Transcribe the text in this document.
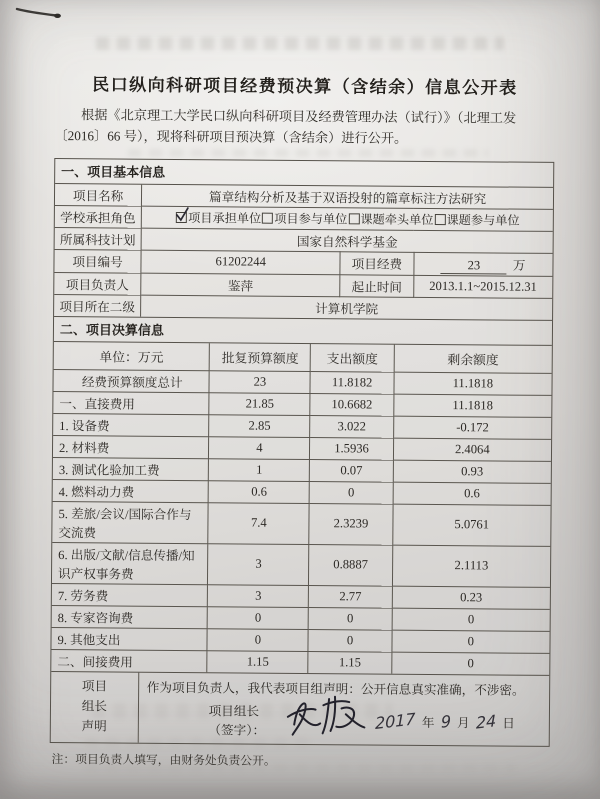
民口纵向科研项目经费预决算（含结余）信息公开表

根据《北京理工大学民口纵向科研项目及经费管理办法（试行）》（北理工发
〔2016〕66 号），现将科研项目预决算（含结余）进行公开。

一、项目基本信息
项目名称	篇章结构分析及基于双语投射的篇章标注方法研究		
学校承担角色	项目承担单位 项目参与单位 课题牵头单位 课题参与单位		
所属科技计划	国家自然科学基金		
项目编号	61202244	项目经费	23 万
项目负责人	鉴萍	起止时间	2013.1.1~2015.12.31
项目所在二级	计算机学院		
二、项目决算信息
单位：万元	批复预算额度	支出额度	剩余额度
经费预算额度总计	23	11.8182	11.1818
一、直接费用	21.85	10.6682	11.1818
1. 设备费	2.85	3.022	-0.172
2. 材料费	4	1.5936	2.4064
3. 测试化验加工费	1	0.07	0.93
4. 燃料动力费	0.6	0	0.6
5. 差旅/会议/国际合作与交流费	7.4	2.3239	5.0761
6. 出版/文献/信息传播/知识产权事务费	3	0.8887	2.1113
7. 劳务费	3	2.77	0.23
8. 专家咨询费	0	0	0
9. 其他支出	0	0	0
二、间接费用	1.15	1.15	0
项目
组长
声明
作为项目负责人，我代表项目组声明：公开信息真实准确，不涉密。
项目组长（签字）：	2017 年 9 月 24 日

注：项目负责人填写，由财务处负责公开。
